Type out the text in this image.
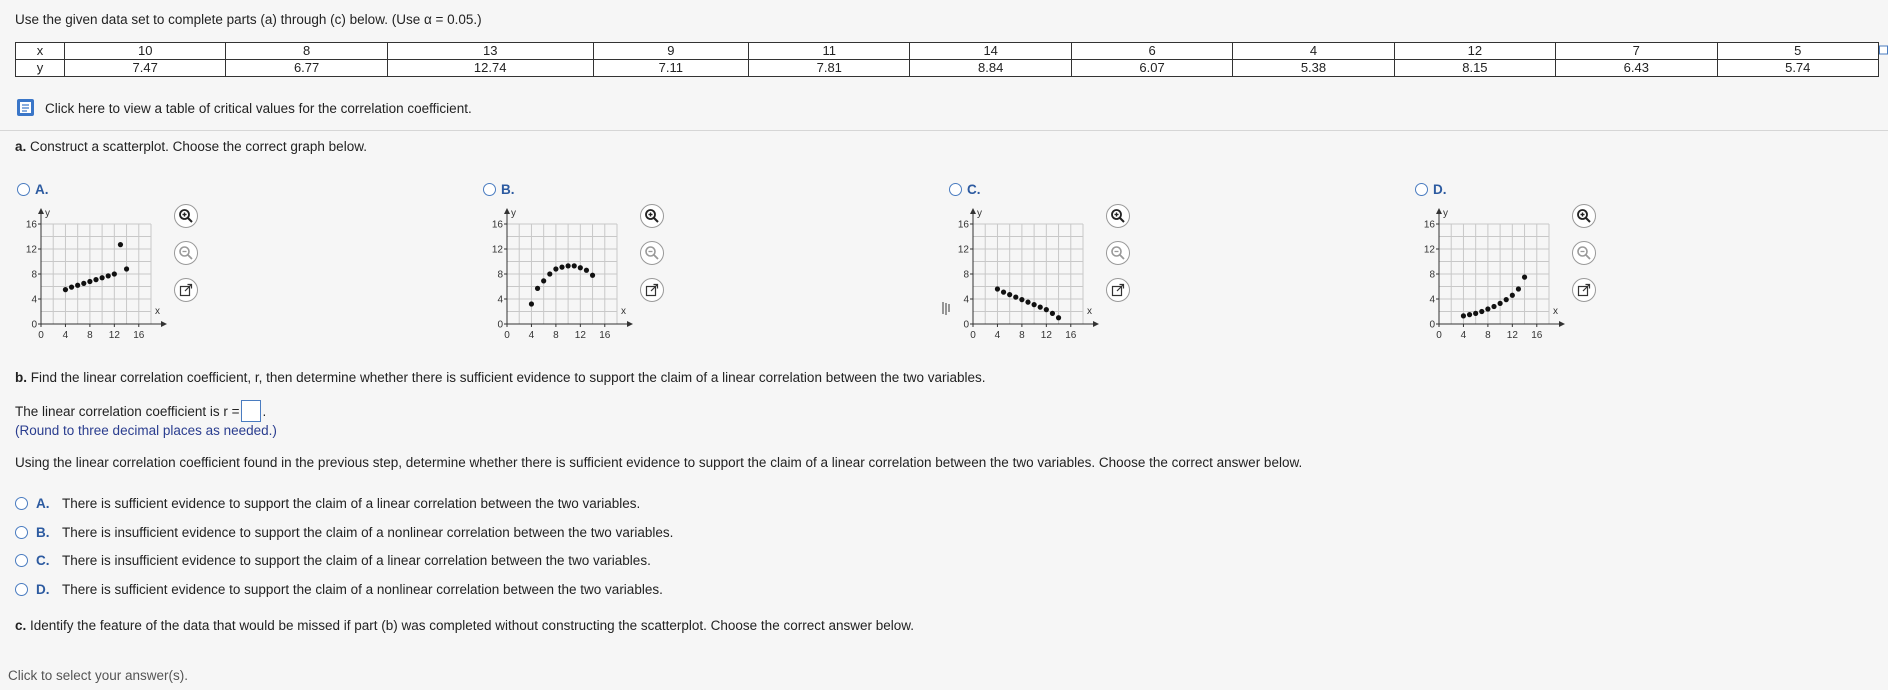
Use the given data set to complete parts (a) through (c) below. (Use α = 0.05.)
x	10	8	13	9	11	14	6	4	12	7	5
y	7.47	6.77	12.74	7.11	7.81	8.84	6.07	5.38	8.15	6.43	5.74
Click here to view a table of critical values for the correlation coefficient.
a. Construct a scatterplot. Choose the correct graph below.
A.
y
x
16
12
8
4
0
0 4 8 12 16
B.
y
x
16
12
8
4
0
0 4 8 12 16
C.
y
x
16
12
8
4
0
0 4 8 12 16
D.
y
x
16
12
8
4
0
0 4 8 12 16
b. Find the linear correlation coefficient, r, then determine whether there is sufficient evidence to support the claim of a linear correlation between the two variables.
The linear correlation coefficient is r = .
(Round to three decimal places as needed.)
Using the linear correlation coefficient found in the previous step, determine whether there is sufficient evidence to support the claim of a linear correlation between the two variables. Choose the correct answer below.
A. There is sufficient evidence to support the claim of a linear correlation between the two variables.
B. There is insufficient evidence to support the claim of a nonlinear correlation between the two variables.
C. There is insufficient evidence to support the claim of a linear correlation between the two variables.
D. There is sufficient evidence to support the claim of a nonlinear correlation between the two variables.
c. Identify the feature of the data that would be missed if part (b) was completed without constructing the scatterplot. Choose the correct answer below.
Click to select your answer(s).
